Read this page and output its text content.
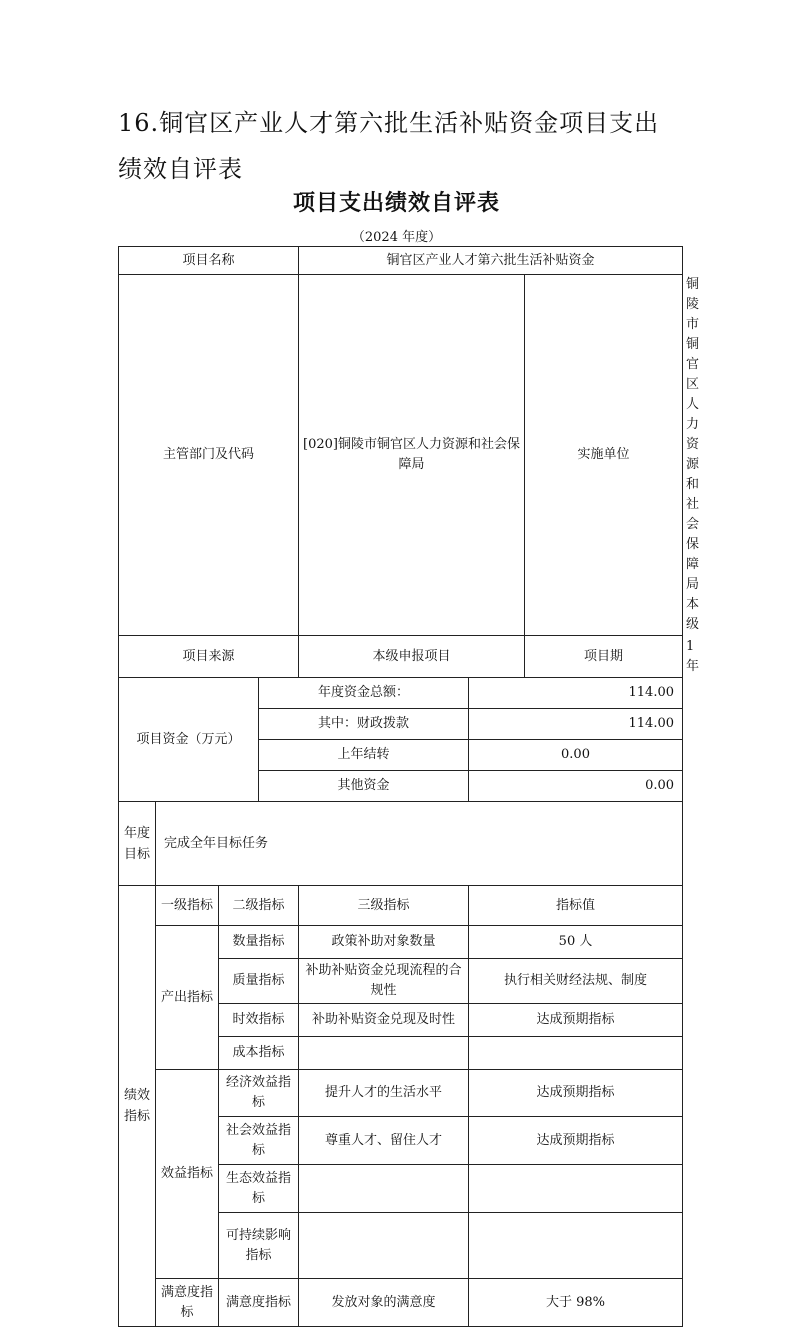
16.铜官区产业人才第六批生活补贴资金项目支出绩效自评表
项目支出绩效自评表
（2024 年度）
项目名称				铜官区产业人才第六批生活补贴资金			
主管部门及代码				[020]铜陵市铜官区人力资源和社会保障局		实施单位	铜陵市铜官区人力资源和社会保障局本级
项目来源				本级申报项目		项目期	1 年
项目资金（万元）			年度资金总额：		114.00		
			其中：财政拨款		114.00		
			上年结转		0.00		
			其他资金		0.00		
年度目标	完成全年目标任务						
绩效指标	一级指标	二级指标		三级指标	指标值		
	产出指标	数量指标		政策补助对象数量	50 人		
		质量指标		补助补贴资金兑现流程的合规性	执行相关财经法规、制度		
		时效指标		补助补贴资金兑现及时性	达成预期指标		
		成本指标					
	效益指标	经济效益指标		提升人才的生活水平	达成预期指标		
		社会效益指标		尊重人才、留住人才	达成预期指标		
		生态效益指标					
		可持续影响指标					
	满意度指标	满意度指标		发放对象的满意度	大于 98%		
